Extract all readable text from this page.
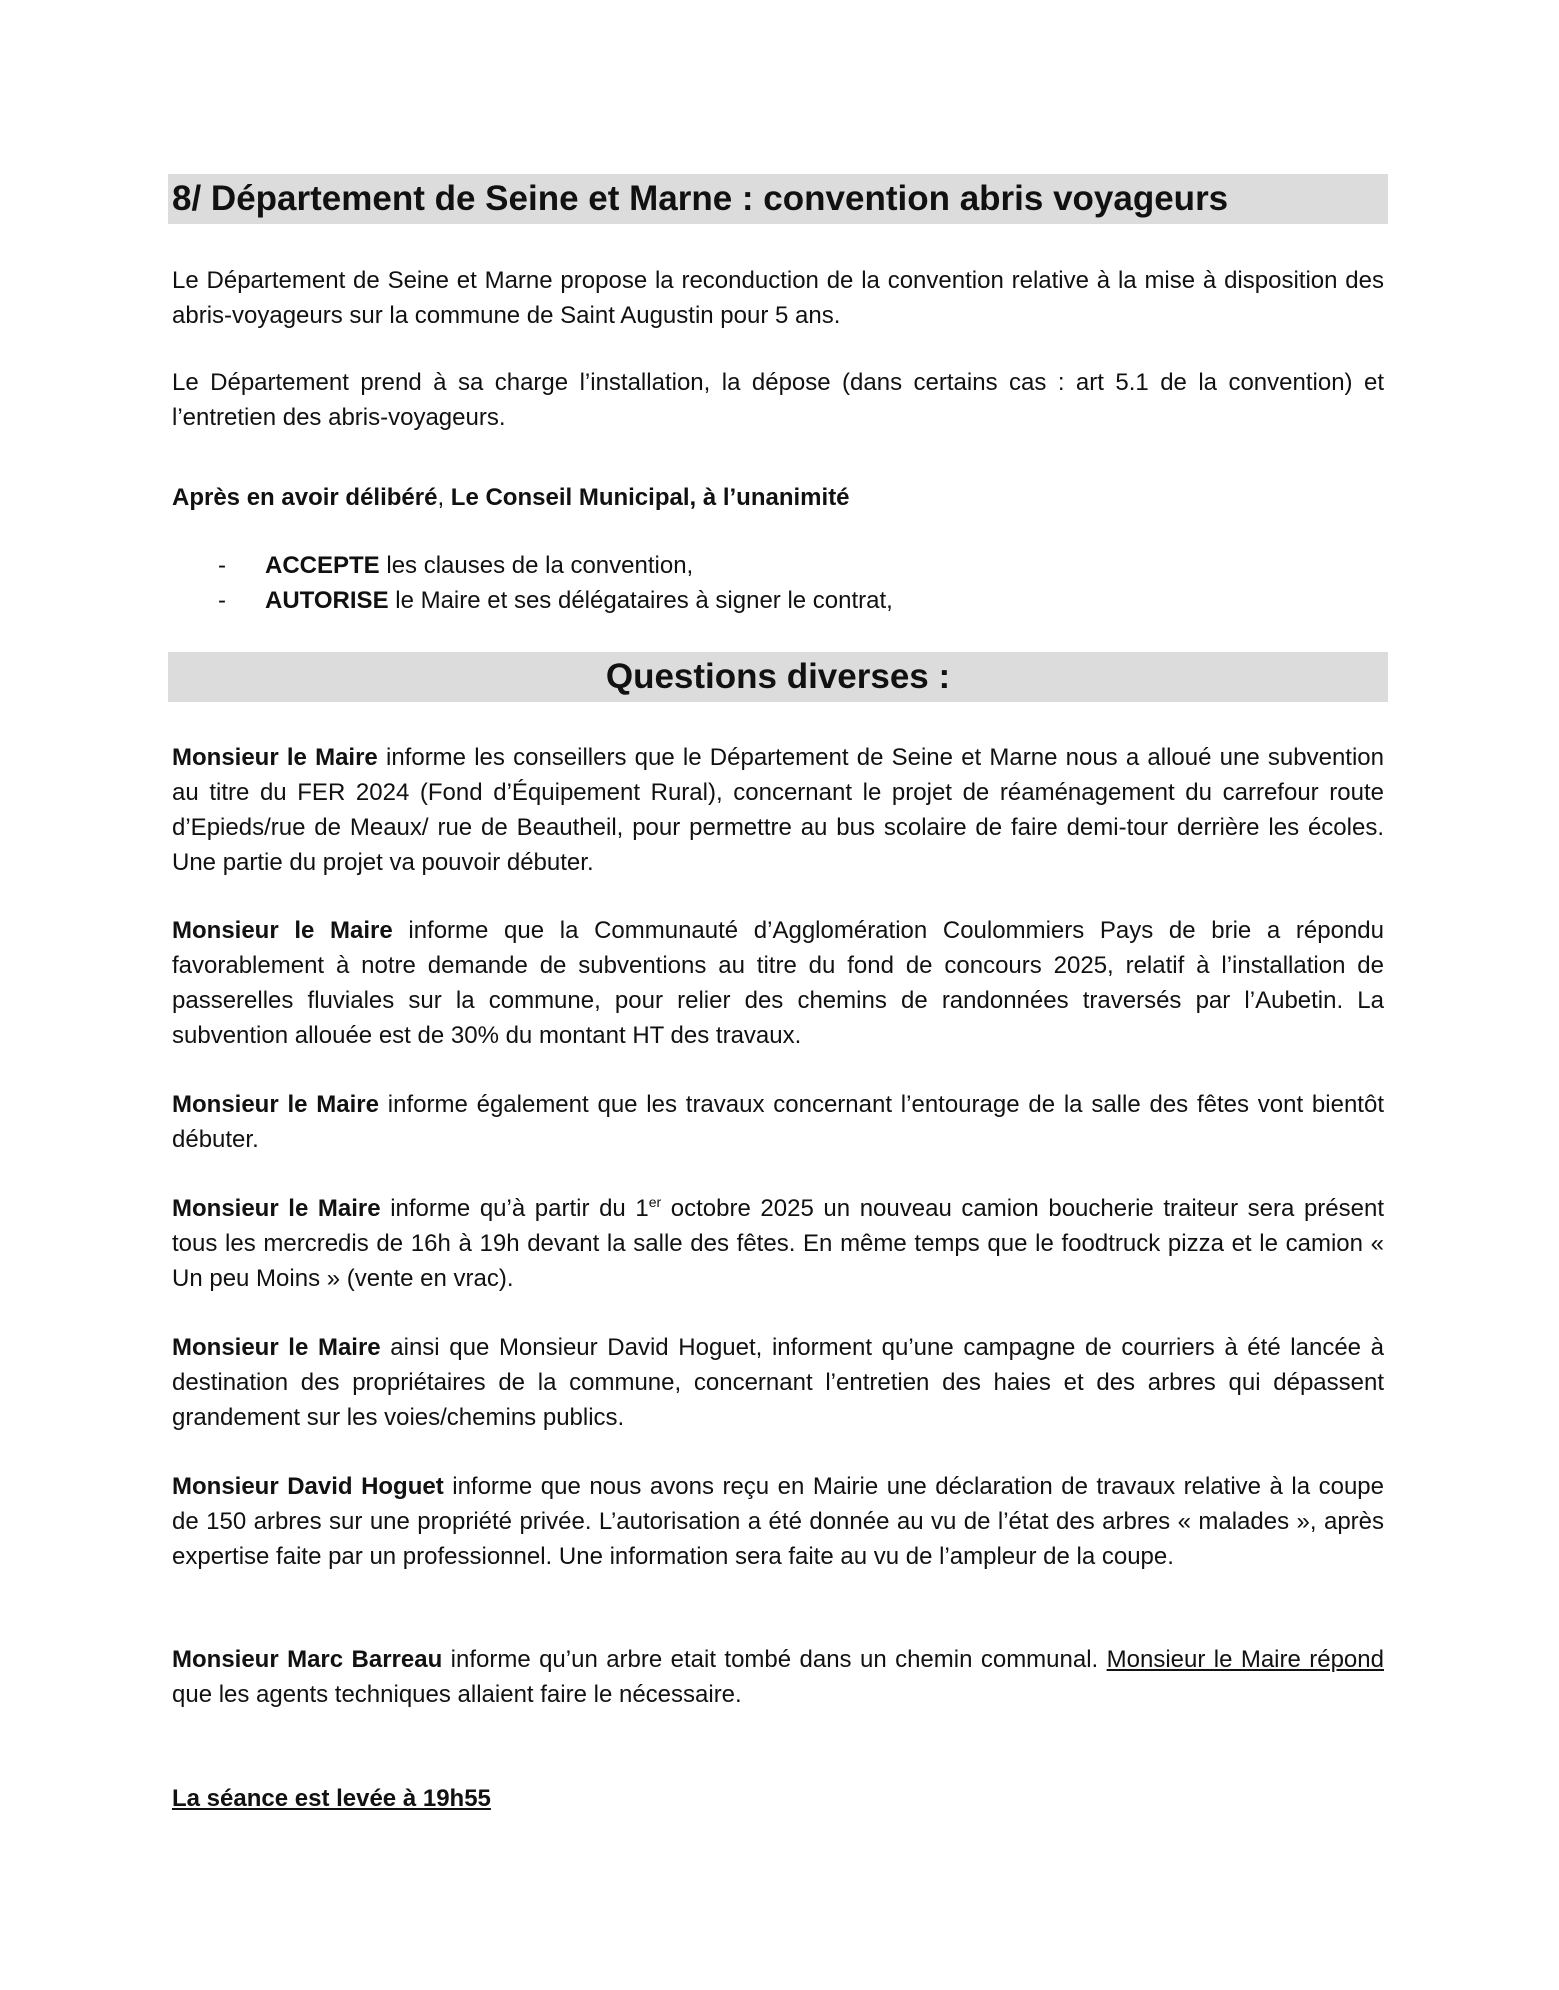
8/ Département de Seine et Marne : convention abris voyageurs

Le Département de Seine et Marne propose la reconduction de la convention relative à la mise à disposition des abris-voyageurs sur la commune de Saint Augustin pour 5 ans.

Le Département prend à sa charge l’installation, la dépose (dans certains cas : art 5.1 de la convention) et l’entretien des abris-voyageurs.

Après en avoir délibéré, Le Conseil Municipal, à l’unanimité

- ACCEPTE les clauses de la convention,
- AUTORISE le Maire et ses délégataires à signer le contrat,
Questions diverses :

Monsieur le Maire informe les conseillers que le Département de Seine et Marne nous a alloué une subvention au titre du FER 2024 (Fond d’Équipement Rural), concernant le projet de réaménagement du carrefour route d’Epieds/rue de Meaux/ rue de Beautheil, pour permettre au bus scolaire de faire demi-tour derrière les écoles. Une partie du projet va pouvoir débuter.

Monsieur le Maire informe que la Communauté d’Agglomération Coulommiers Pays de brie a répondu favorablement à notre demande de subventions au titre du fond de concours 2025, relatif à l’installation de passerelles fluviales sur la commune, pour relier des chemins de randonnées traversés par l’Aubetin. La subvention allouée est de 30% du montant HT des travaux.

Monsieur le Maire informe également que les travaux concernant l’entourage de la salle des fêtes vont bientôt débuter.

Monsieur le Maire informe qu’à partir du 1er octobre 2025 un nouveau camion boucherie traiteur sera présent tous les mercredis de 16h à 19h devant la salle des fêtes. En même temps que le foodtruck pizza et le camion « Un peu Moins » (vente en vrac).

Monsieur le Maire ainsi que Monsieur David Hoguet, informent qu’une campagne de courriers à été lancée à destination des propriétaires de la commune, concernant l’entretien des haies et des arbres qui dépassent grandement sur les voies/chemins publics.

Monsieur David Hoguet informe que nous avons reçu en Mairie une déclaration de travaux relative à la coupe de 150 arbres sur une propriété privée. L’autorisation a été donnée au vu de l’état des arbres « malades », après expertise faite par un professionnel. Une information sera faite au vu de l’ampleur de la coupe.

Monsieur Marc Barreau informe qu’un arbre etait tombé dans un chemin communal. Monsieur le Maire répond que les agents techniques allaient faire le nécessaire.

La séance est levée à 19h55
